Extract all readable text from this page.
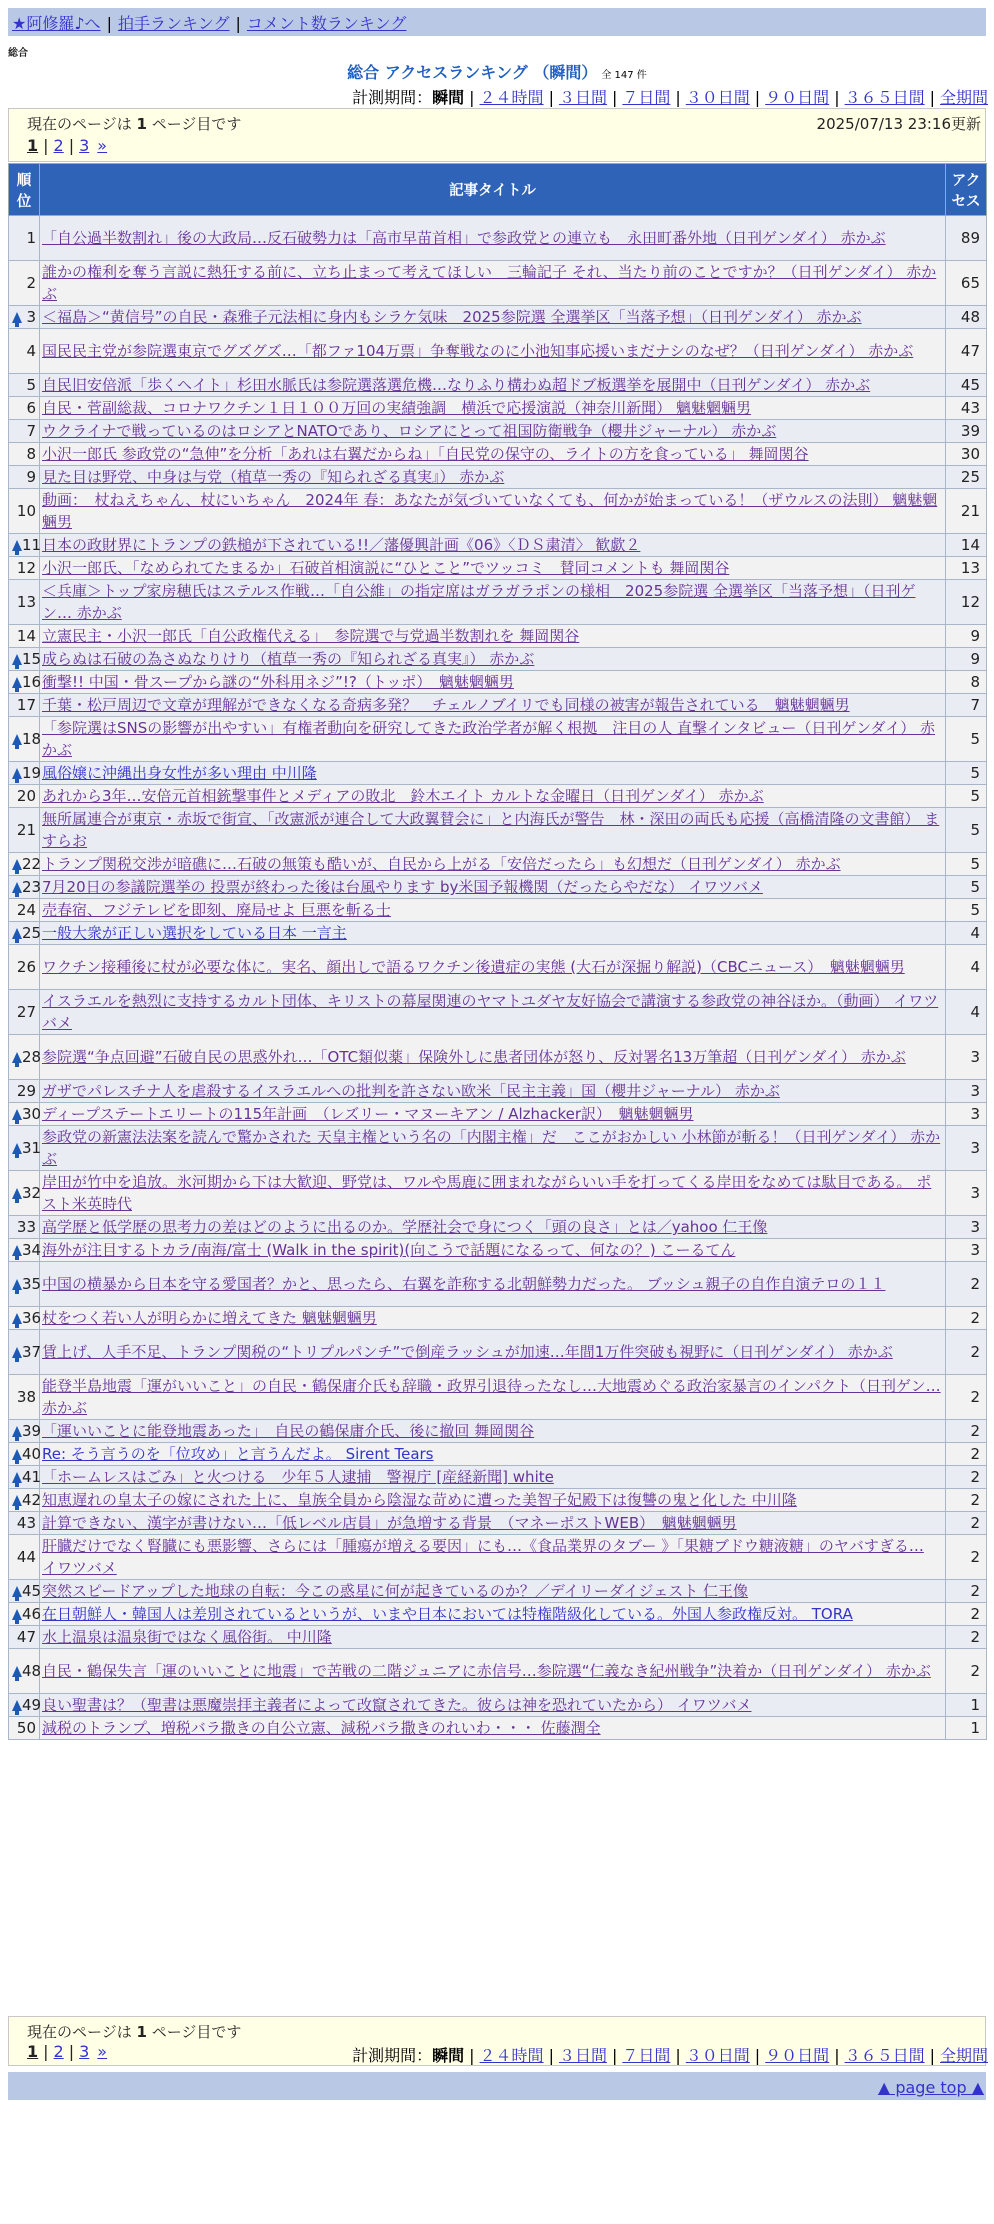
★阿修羅♪へ | 拍手ランキング | コメント数ランキング
総合
総合 アクセスランキング （瞬間） 全 147 件
計測期間：瞬間 | ２４時間 | ３日間 | ７日間 | ３０日間 | ９０日間 | ３６５日間 | 全期間
現在のページは 1 ページ目です	2025/07/13 23:16更新
1 | 2 | 3 »
順位	記事タイトル	アクセス
1	「自公過半数割れ」後の大政局…反石破勢力は「高市早苗首相」で参政党との連立も　永田町番外地（日刊ゲンダイ） 赤かぶ	89
2	誰かの権利を奪う言説に熱狂する前に、立ち止まって考えてほしい　三輪記子 それ、当たり前のことですか？（日刊ゲンダイ） 赤かぶ	65

3	＜福島＞“黄信号”の自民・森雅子元法相に身内もシラケ気味　2025参院選 全選挙区「当落予想」（日刊ゲンダイ） 赤かぶ	48
4	国民民主党が参院選東京でグズグズ…「都ファ104万票」争奪戦なのに小池知事応援いまだナシのなぜ？（日刊ゲンダイ） 赤かぶ	47
5	自民旧安倍派「歩くヘイト」杉田水脈氏は参院選落選危機…なりふり構わぬ超ドブ板選挙を展開中（日刊ゲンダイ） 赤かぶ	45
6	自民・菅副総裁、コロナワクチン１日１００万回の実績強調　横浜で応援演説（神奈川新聞） 魑魅魍魎男	43
7	ウクライナで戦っているのはロシアとNATOであり、ロシアにとって祖国防衛戦争（櫻井ジャーナル） 赤かぶ	39
8	小沢一郎氏 参政党の“急伸”を分析「あれは右翼だからね」「自民党の保守の、ライトの方を食っている」 舞岡関谷	30
9	見た目は野党、中身は与党（植草一秀の『知られざる真実』） 赤かぶ	25
10	動画：　杖ねえちゃん、杖にいちゃん　2024年 春：あなたが気づいていなくても、何かが始まっている！（ザウルスの法則） 魑魅魍魎男	21

11	日本の政財界にトランプの鉄槌が下されている!!／藩優興計画《06》〈ＤＳ粛清〉 歓歔２	14
12	小沢一郎氏、「なめられてたまるか」石破首相演説に“ひとこと”でツッコミ　賛同コメントも 舞岡関谷	13
13	＜兵庫＞トップ家房穂氏はステルス作戦…「自公維」の指定席はガラガラポンの様相　2025参院選 全選挙区「当落予想」（日刊ゲン… 赤かぶ	12
14	立憲民主・小沢一郎氏「自公政権代える」　参院選で与党過半数割れを 舞岡関谷	9

15	成らぬは石破の為さぬなりけり（植草一秀の『知られざる真実』） 赤かぶ	9

16	衝撃!! 中国・骨スープから謎の“外科用ネジ”!?（トッポ）　魑魅魍魎男	8
17	千葉・松戸周辺で文章が理解ができなくなる奇病多発？　チェルノブイリでも同様の被害が報告されている　魑魅魍魎男	7

18	「参院選はSNSの影響が出やすい」有権者動向を研究してきた政治学者が解く根拠　注目の人 直撃インタビュー（日刊ゲンダイ） 赤かぶ	5

19	風俗嬢に沖縄出身女性が多い理由 中川隆	5
20	あれから3年…安倍元首相銃撃事件とメディアの敗北　鈴木エイト カルトな金曜日（日刊ゲンダイ） 赤かぶ	5
21	無所属連合が東京・赤坂で街宣、「改憲派が連合して大政翼賛会に」と内海氏が警告　林・深田の両氏も応援（高橋清隆の文書館） ますらお	5

22	トランプ関税交渉が暗礁に…石破の無策も酷いが、自民から上がる「安倍だったら」も幻想だ（日刊ゲンダイ） 赤かぶ	5

23	7月20日の参議院選挙の 投票が終わった後は台風やります by米国予報機関（だったらやだな） イワツバメ	5
24	売春宿、フジテレビを即刻、廃局せよ 巨悪を斬る士	5

25	一般大衆が正しい選択をしている日本 一言主	4
26	ワクチン接種後に杖が必要な体に。実名、顔出しで語るワクチン後遺症の実態 (大石が深掘り解説)（CBCニュース）　魑魅魍魎男	4
27	イスラエルを熱烈に支持するカルト団体、キリストの幕屋関連のヤマトユダヤ友好協会で講演する参政党の神谷ほか。（動画） イワツバメ	4

28	参院選“争点回避”石破自民の思惑外れ…「OTC類似薬」保険外しに患者団体が怒り、反対署名13万筆超（日刊ゲンダイ） 赤かぶ	3
29	ガザでパレスチナ人を虐殺するイスラエルへの批判を許さない欧米「民主主義」国（櫻井ジャーナル） 赤かぶ	3

30	ディープステートエリートの115年計画　（レズリー・マヌーキアン / Alzhacker訳）　魑魅魍魎男	3

31	参政党の新憲法法案を読んで驚かされた 天皇主権という名の「内閣主権」だ　ここがおかしい 小林節が斬る！（日刊ゲンダイ） 赤かぶ	3

32	岸田が竹中を追放。氷河期から下は大歓迎、野党は、ワルや馬鹿に囲まれながらいい手を打ってくる岸田をなめては駄目である。 ポスト米英時代	3
33	高学歴と低学歴の思考力の差はどのように出るのか。学歴社会で身につく「頭の良さ」とは／yahoo 仁王像	3

34	海外が注目するトカラ/南海/富士 (Walk in the spirit)(向こうで話題になるって、何なの？) こーるてん	3

35	中国の横暴から日本を守る愛国者？かと、思ったら、右翼を詐称する北朝鮮勢力だった。 ブッシュ親子の自作自演テロの１１	2

36	杖をつく若い人が明らかに増えてきた 魑魅魍魎男	2

37	賃上げ、人手不足、トランプ関税の“トリプルパンチ”で倒産ラッシュが加速…年間1万件突破も視野に（日刊ゲンダイ） 赤かぶ	2
38	能登半島地震「運がいいこと」の自民・鶴保庸介氏も辞職・政界引退待ったなし…大地震めぐる政治家暴言のインパクト（日刊ゲン… 赤かぶ	2

39	「運いいことに能登地震あった」　自民の鶴保庸介氏、後に撤回 舞岡関谷	2

40	Re: そう言うのを「位攻め」と言うんだよ。 Sirent Tears	2

41	「ホームレスはごみ」と火つける　少年５人逮捕　警視庁 [産経新聞] white	2

42	知恵遅れの皇太子の嫁にされた上に、皇族全員から陰湿な苛めに遭った美智子妃殿下は復讐の鬼と化した 中川隆	2
43	計算できない、漢字が書けない…「低レベル店員」が急増する背景　（マネーポストWEB）　魑魅魍魎男	2
44	肝臓だけでなく腎臓にも悪影響、さらには「腫瘍が増える要因」にも…《食品業界のタブー 》「果糖ブドウ糖液糖」のヤバすぎる… イワツバメ	2

45	突然スピードアップした地球の自転：今この惑星に何が起きているのか？／デイリーダイジェスト 仁王像	2

46	在日朝鮮人・韓国人は差別されているというが、いまや日本においては特権階級化している。外国人参政権反対。 TORA	2
47	水上温泉は温泉街ではなく風俗街。 中川隆	2

48	自民・鶴保失言「運のいいことに地震」で苦戦の二階ジュニアに赤信号…参院選“仁義なき紀州戦争”決着か（日刊ゲンダイ） 赤かぶ	2

49	良い聖書は？（聖書は悪魔崇拝主義者によって改竄されてきた。彼らは神を恐れていたから） イワツバメ	1
50	減税のトランプ、増税バラ撒きの自公立憲、減税バラ撒きのれいわ・・・ 佐藤潤全	1
現在のページは 1 ページ目です
1 | 2 | 3 »	計測期間：瞬間 | ２４時間 | ３日間 | ７日間 | ３０日間 | ９０日間 | ３６５日間 | 全期間
▲ page top ▲
